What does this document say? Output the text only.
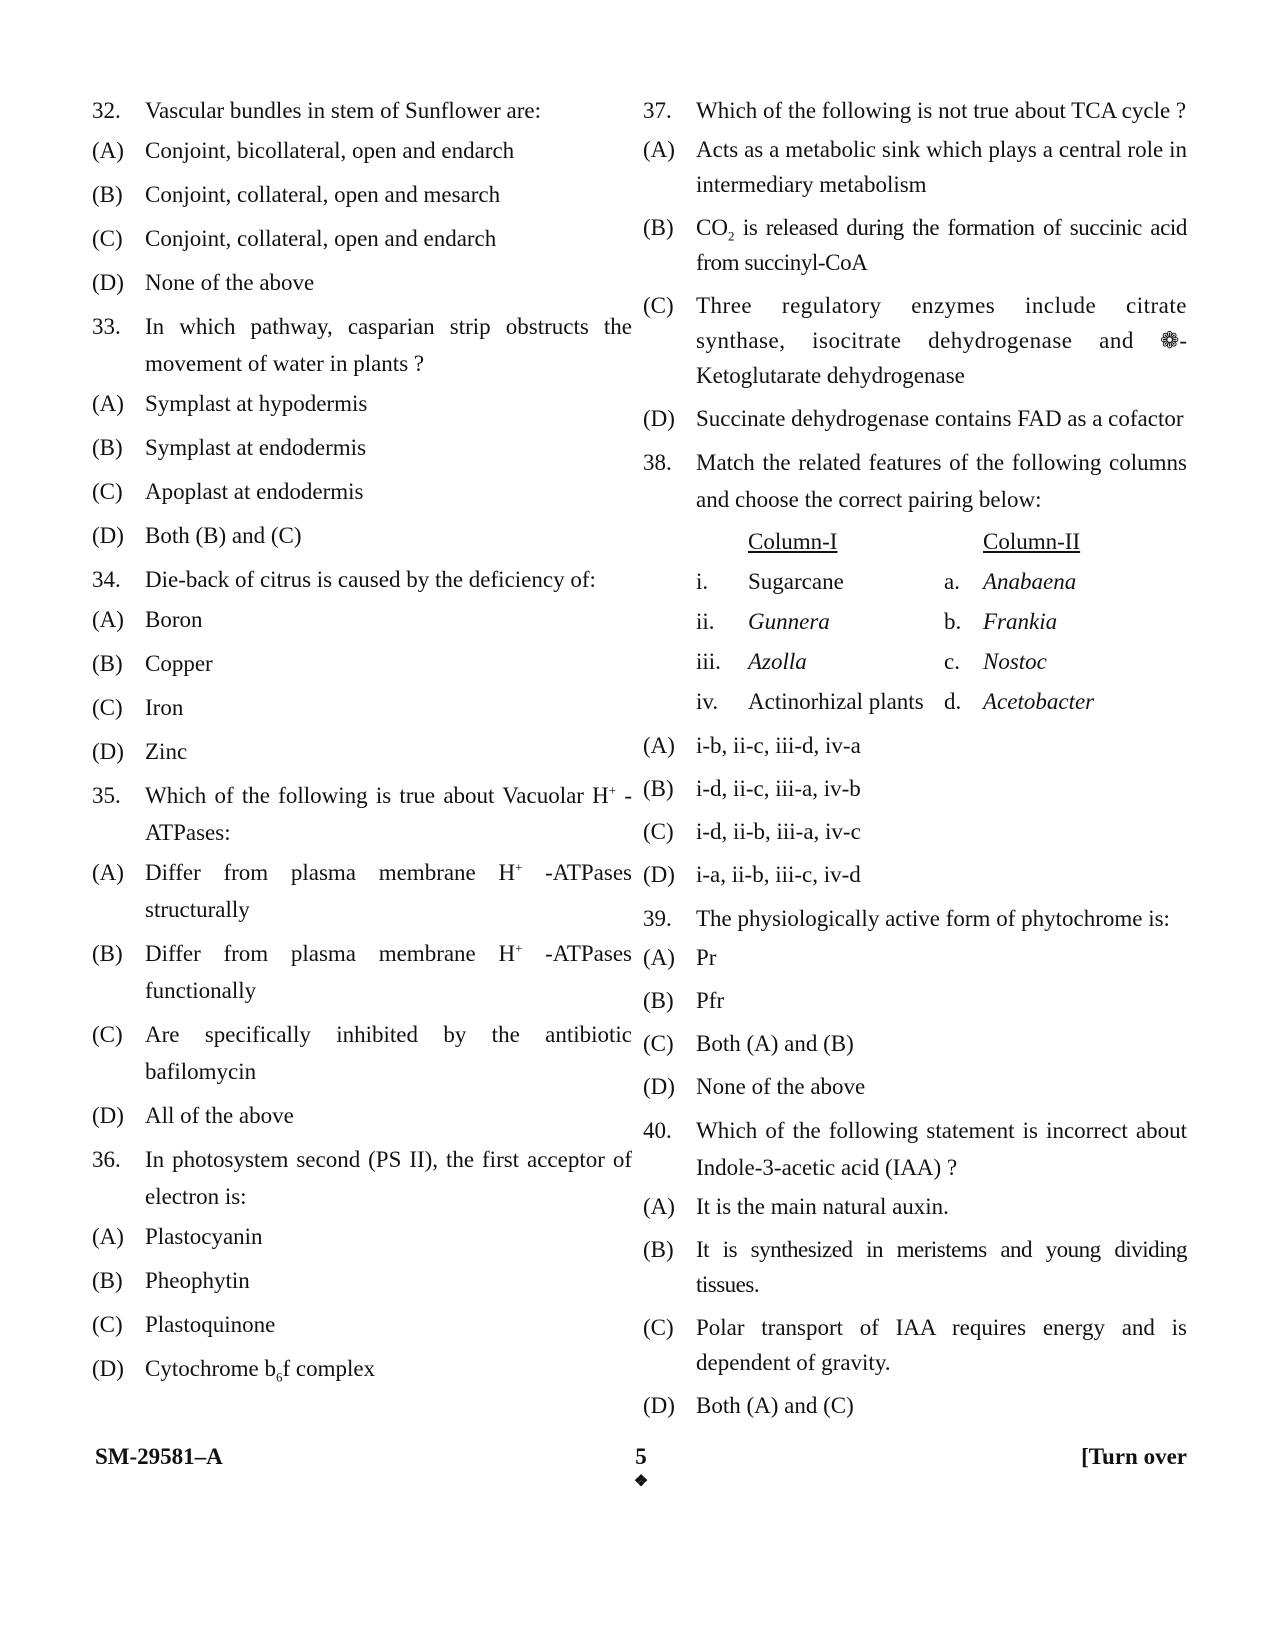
32. Vascular bundles in stem of Sunflower are:
(A) Conjoint, bicollateral, open and endarch
(B) Conjoint, collateral, open and mesarch
(C) Conjoint, collateral, open and endarch
(D) None of the above
33. In which pathway, casparian strip obstructs the movement of water in plants ?
(A) Symplast at hypodermis
(B) Symplast at endodermis
(C) Apoplast at endodermis
(D) Both (B) and (C)
34. Die-back of citrus is caused by the deficiency of:
(A) Boron
(B) Copper
(C) Iron
(D) Zinc
35. Which of the following is true about Vacuolar H+ - ATPases:
(A) Differ from plasma membrane H+ -ATPases structurally
(B) Differ from plasma membrane H+ -ATPases functionally
(C) Are specifically inhibited by the antibiotic bafilomycin
(D) All of the above
36. In photosystem second (PS II), the first acceptor of electron is:
(A) Plastocyanin
(B) Pheophytin
(C) Plastoquinone
(D) Cytochrome $b_6f$ complex
37. Which of the following is not true about TCA cycle ?
(A) Acts as a metabolic sink which plays a central role in intermediary metabolism
(B) $CO_2$ is released during the formation of succinic acid from succinyl-CoA
(C) Three regulatory enzymes include citrate synthase, isocitrate dehydrogenase and ❁- Ketoglutarate dehydrogenase
(D) Succinate dehydrogenase contains FAD as a cofactor
38. Match the related features of the following columns and choose the correct pairing below:
Column-I	Column-II
i. Sugarcane	a. Anabaena
ii. Gunnera	b. Frankia
iii. Azolla	c. Nostoc
iv. Actinorhizal plants d. Acetobacter
(A) i-b, ii-c, iii-d, iv-a
(B) i-d, ii-c, iii-a, iv-b
(C) i-d, ii-b, iii-a, iv-c
(D) i-a, ii-b, iii-c, iv-d
39. The physiologically active form of phytochrome is:
(A) Pr
(B) Pfr
(C) Both (A) and (B)
(D) None of the above
40. Which of the following statement is incorrect about Indole-3-acetic acid (IAA) ?
(A) It is the main natural auxin.
(B) It is synthesized in meristems and young dividing tissues.
(C) Polar transport of IAA requires energy and is dependent of gravity.
(D) Both (A) and (C)
SM-29581–A	5	[Turn over
❖
